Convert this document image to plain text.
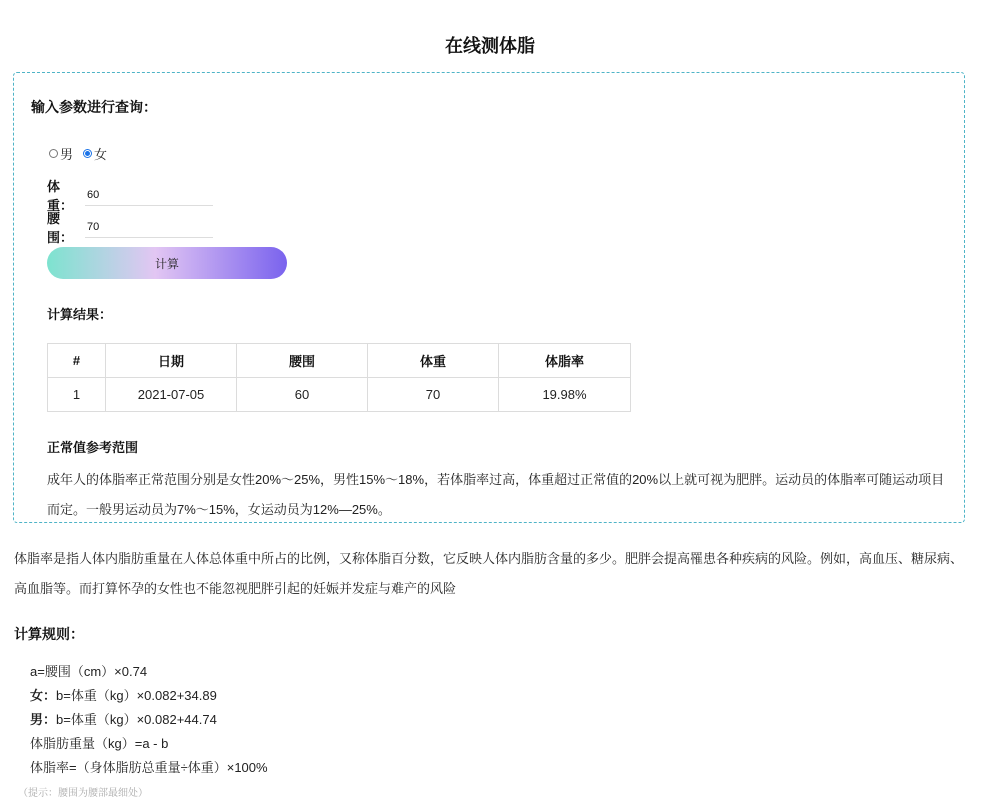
在线测体脂
输入参数进行查询：
男 女
体重：
60
腰围：
70
计算
计算结果：
#	日期	腰围	体重	体脂率
1	2021-07-05	60	70	19.98%
正常值参考范围
成年人的体脂率正常范围分别是女性20%～25%，男性15%～18%，若体脂率过高，体重超过正常值的20%以上就可视为肥胖。运动员的体脂率可随运动项目而定。一般男运动员为7%～15%，女运动员为12%—25%。
体脂率是指人体内脂肪重量在人体总体重中所占的比例，又称体脂百分数，它反映人体内脂肪含量的多少。肥胖会提高罹患各种疾病的风险。例如，高血压、糖尿病、高血脂等。而打算怀孕的女性也不能忽视肥胖引起的妊娠并发症与难产的风险
计算规则：
a=腰围（cm）×0.74
女：b=体重（kg）×0.082+34.89
男：b=体重（kg）×0.082+44.74
体脂肪重量（kg）=a - b
体脂率=（身体脂肪总重量÷体重）×100%
（提示：腰围为腰部最细处）
